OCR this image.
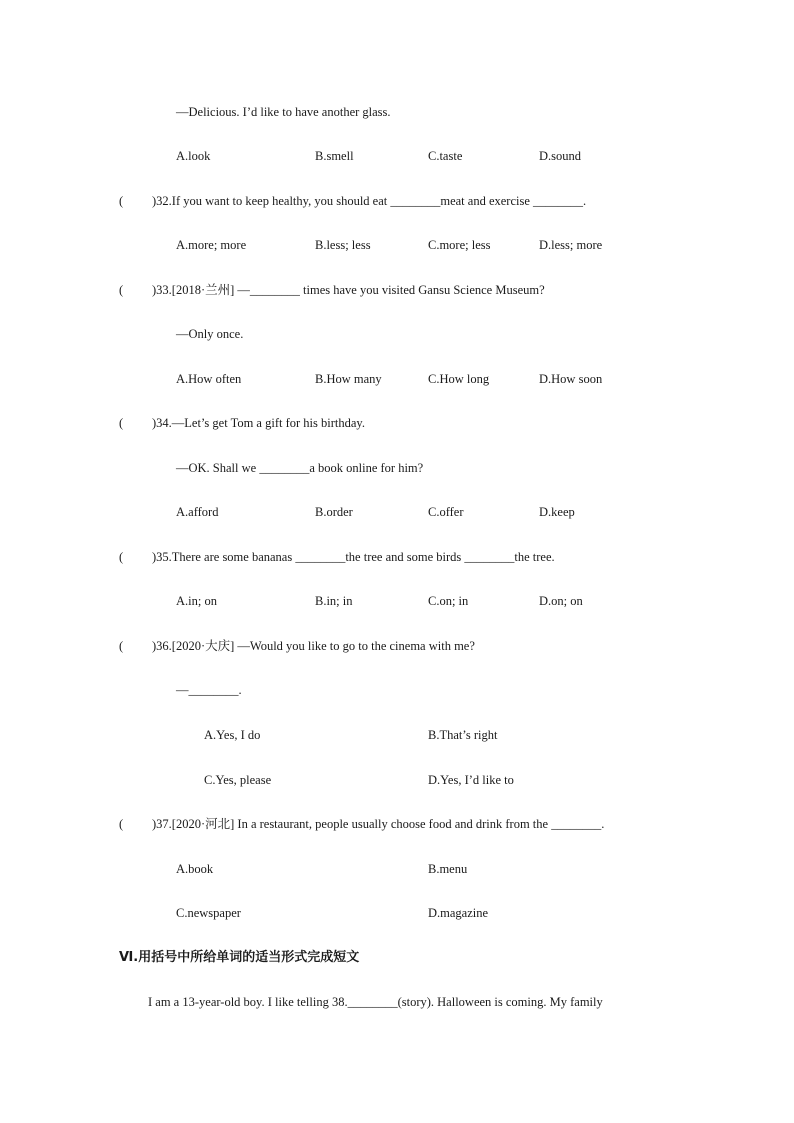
—Delicious. I’d like to have another glass.
A.look	B.smell	C.taste	D.sound
( )32.If you want to keep healthy, you should eat ________meat and exercise ________.
A.more; more	B.less; less	C.more; less	D.less; more
( )33.[2018·兰州] —________ times have you visited Gansu Science Museum?
—Only once.
A.How often	B.How many	C.How long	D.How soon
( )34.—Let’s get Tom a gift for his birthday.
—OK. Shall we ________a book online for him?
A.afford	B.order	C.offer	D.keep
( )35.There are some bananas ________the tree and some birds ________the tree.
A.in; on	B.in; in	C.on; in	D.on; on
( )36.[2020·大庆] —Would you like to go to the cinema with me?
—________.
A.Yes, I do	B.That’s right
C.Yes, please	D.Yes, I’d like to
( )37.[2020·河北] In a restaurant, people usually choose food and drink from the ________.
A.book	B.menu
C.newspaper	D.magazine
Ⅵ.用括号中所给单词的适当形式完成短文
I am a 13-year-old boy. I like telling 38.________(story). Halloween is coming. My family
